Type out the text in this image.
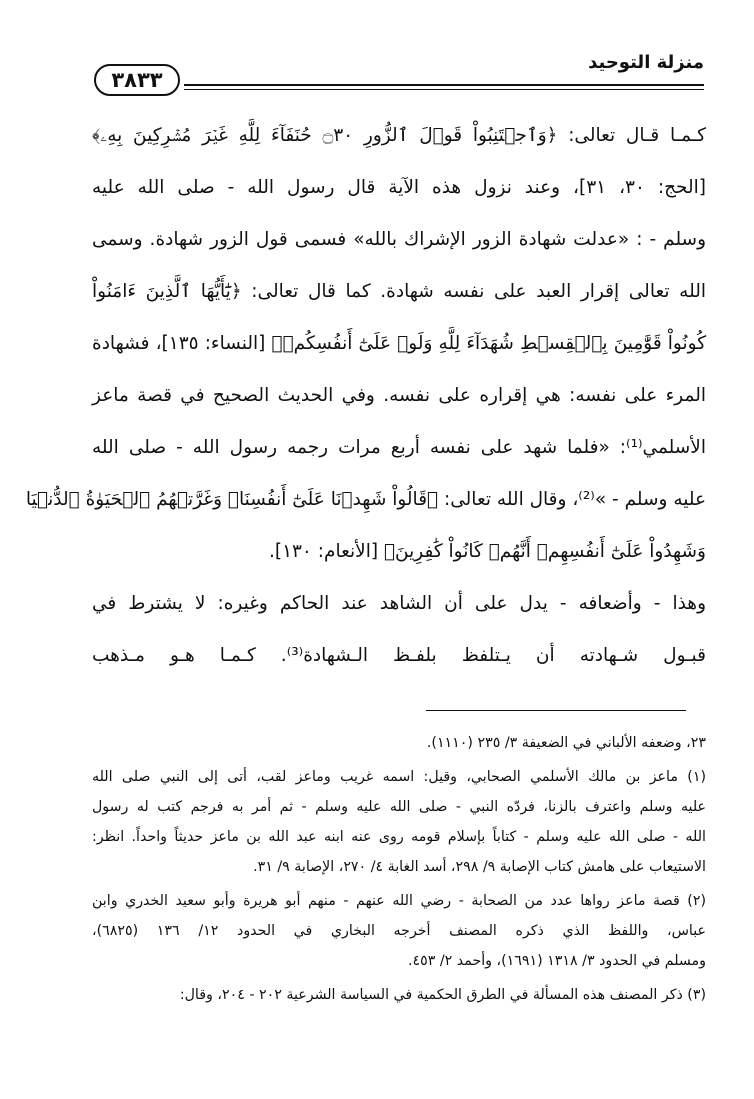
منزلة التوحيد
٣٨٣٣
كـمـا قـال تعالى: ﴿وَٱجۡتَنِبُواْ قَوۡلَ ٱلزُّورِ ۝٣٠ حُنَفَآءَ لِلَّهِ غَيۡرَ مُشۡرِكِينَ بِهِۦ﴾
[الحج: ٣٠، ٣١]، وعند نزول هذه الآية قال رسول الله - صلى الله عليه
وسلم - : «عدلت شهادة الزور الإشراك بالله» فسمى قول الزور شهادة. وسمى
الله تعالى إقرار العبد على نفسه شهادة. كما قال تعالى: ﴿يَٰٓأَيُّهَا ٱلَّذِينَ ءَامَنُواْ
كُونُواْ قَوَّٰمِينَ بِٱلۡقِسۡطِ شُهَدَآءَ لِلَّهِ وَلَوۡ عَلَىٰٓ أَنفُسِكُمۡ﴾ [النساء: ١٣٥]، فشهادة
المرء على نفسه: هي إقراره على نفسه. وفي الحديث الصحيح في قصة ماعز
الأسلمي⁽¹⁾: «فلما شهد على نفسه أربع مرات رجمه رسول الله - صلى الله
عليه وسلم - »⁽²⁾، وقال الله تعالى: ﴿قَالُواْ شَهِدۡنَا عَلَىٰٓ أَنفُسِنَاۖ وَغَرَّتۡهُمُ ٱلۡحَيَوٰةُ ٱلدُّنۡيَا
وَشَهِدُواْ عَلَىٰٓ أَنفُسِهِمۡ أَنَّهُمۡ كَانُواْ كَٰفِرِينَ﴾ [الأنعام: ١٣٠].
وهذا - وأضعافه - يدل على أن الشاهد عند الحاكم وغيره: لا يشترط في
قبـول شـهادته أن يـتلفظ بلفـظ الـشهادة⁽³⁾. كـمـا هـو مـذهب
٢٣، وضعفه الألباني في الضعيفة ٣/ ٢٣٥ (١١١٠).
(١) ماعز بن مالك الأسلمي الصحابي، وقيل: اسمه غريب وماعز لقب، أتى إلى النبي صلى الله
عليه وسلم واعترف بالزنا، فردّه النبي - صلى الله عليه وسلم - ثم أمر به فرجم كتب له رسول
الله - صلى الله عليه وسلم - كتاباً بإسلام قومه روى عنه ابنه عبد الله بن ماعز حديثاً واحداً. انظر:
الاستيعاب على هامش كتاب الإصابة ٩/ ٢٩٨، أسد الغابة ٤/ ٢٧٠، الإصابة ٩/ ٣١.
(٢) قصة ماعز رواها عدد من الصحابة - رضي الله عنهم - منهم أبو هريرة وأبو سعيد الخدري وابن
عباس، واللفظ الذي ذكره المصنف أخرجه البخاري في الحدود ١٢/ ١٣٦ (٦٨٢٥)،
ومسلم في الحدود ٣/ ١٣١٨ (١٦٩١)، وأحمد ٢/ ٤٥٣.
(٣) ذكر المصنف هذه المسألة في الطرق الحكمية في السياسة الشرعية ٢٠٢ - ٢٠٤، وقال:
